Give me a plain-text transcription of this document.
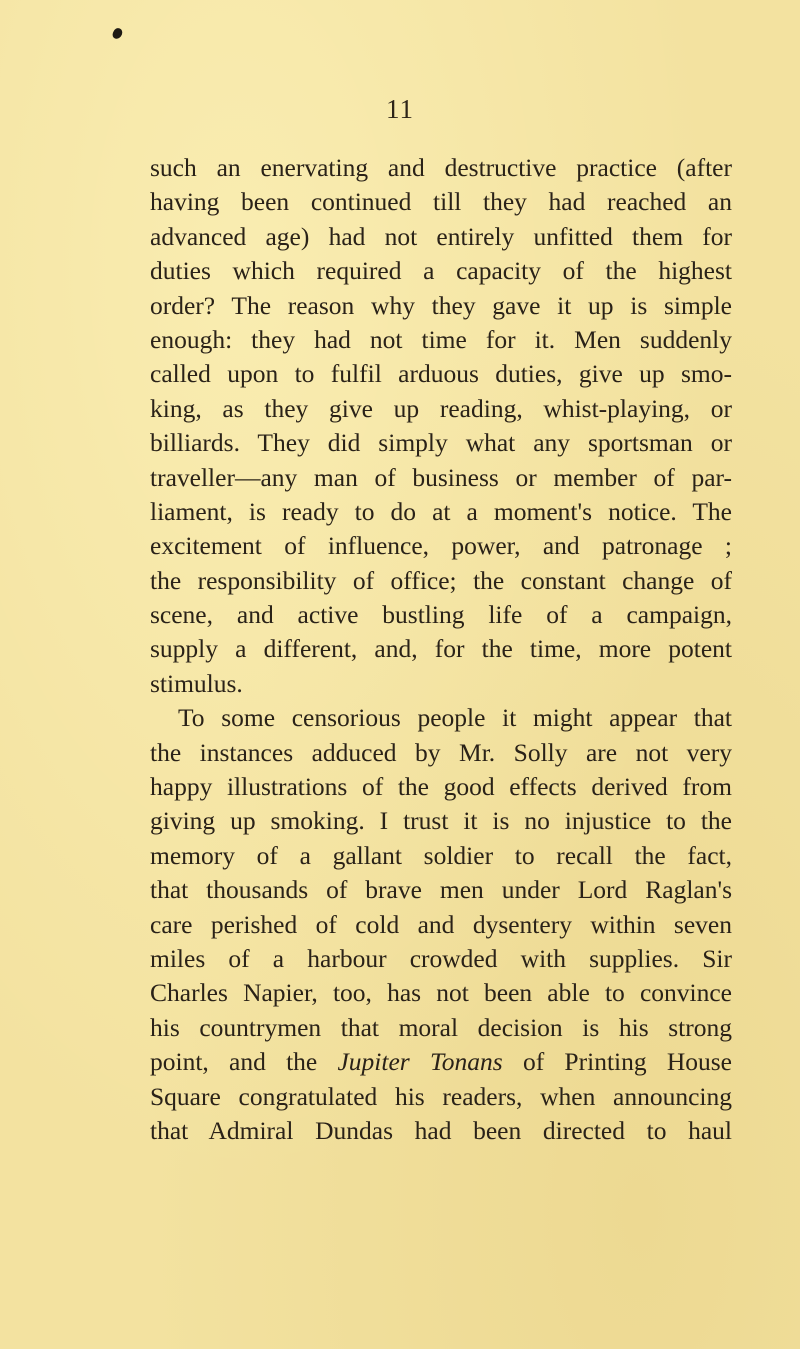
11
such an enervating and destructive practice (after
having been continued till they had reached an
advanced age) had not entirely unfitted them for
duties which required a capacity of the highest
order? The reason why they gave it up is simple
enough: they had not time for it. Men suddenly
called upon to fulfil arduous duties, give up smo-
king, as they give up reading, whist-playing, or
billiards. They did simply what any sportsman or
traveller—any man of business or member of par-
liament, is ready to do at a moment's notice. The
excitement of influence, power, and patronage ;
the responsibility of office; the constant change of
scene, and active bustling life of a campaign,
supply a different, and, for the time, more potent
stimulus.
To some censorious people it might appear that
the instances adduced by Mr. Solly are not very
happy illustrations of the good effects derived from
giving up smoking. I trust it is no injustice to the
memory of a gallant soldier to recall the fact,
that thousands of brave men under Lord Raglan's
care perished of cold and dysentery within seven
miles of a harbour crowded with supplies. Sir
Charles Napier, too, has not been able to convince
his countrymen that moral decision is his strong
point, and the Jupiter Tonans of Printing House
Square congratulated his readers, when announcing
that Admiral Dundas had been directed to haul
